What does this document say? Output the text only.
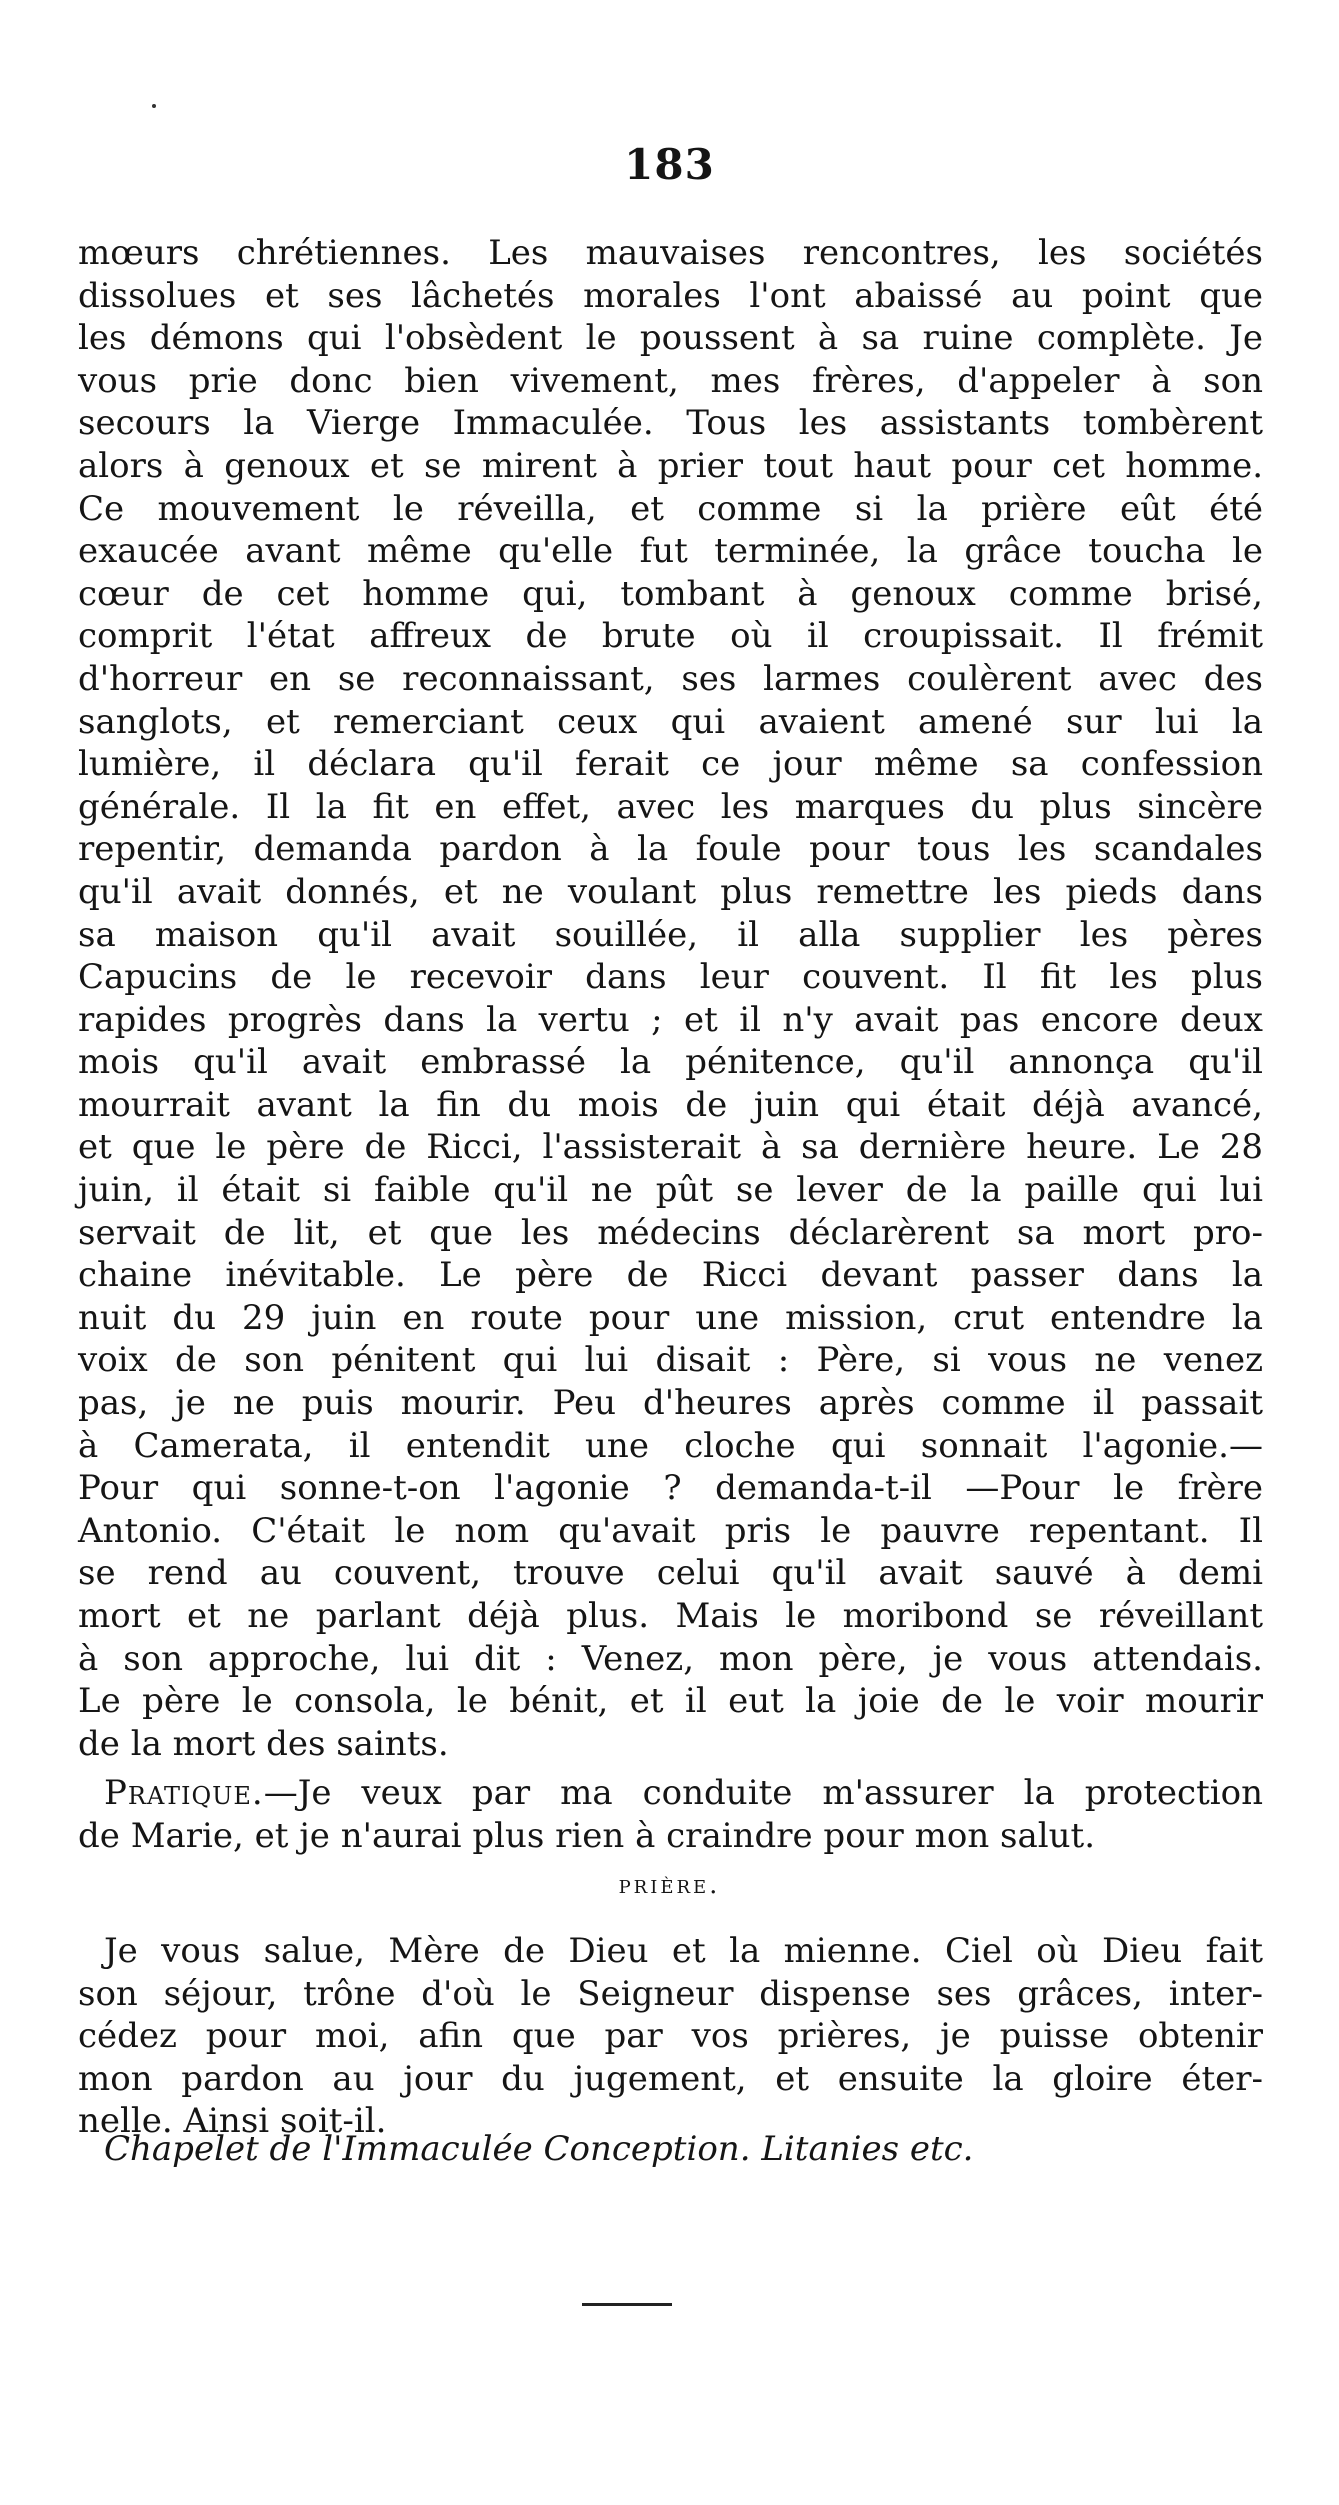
183
mœurs chrétiennes. Les mauvaises rencontres, les sociétés
dissolues et ses lâchetés morales l'ont abaissé au point que
les démons qui l'obsèdent le poussent à sa ruine complète. Je
vous prie donc bien vivement, mes frères, d'appeler à son
secours la Vierge Immaculée. Tous les assistants tombèrent
alors à genoux et se mirent à prier tout haut pour cet homme.
Ce mouvement le réveilla, et comme si la prière eût été
exaucée avant même qu'elle fut terminée, la grâce toucha le
cœur de cet homme qui, tombant à genoux comme brisé,
comprit l'état affreux de brute où il croupissait. Il frémit
d'horreur en se reconnaissant, ses larmes coulèrent avec des
sanglots, et remerciant ceux qui avaient amené sur lui la
lumière, il déclara qu'il ferait ce jour même sa confession
générale. Il la fit en effet, avec les marques du plus sincère
repentir, demanda pardon à la foule pour tous les scandales
qu'il avait donnés, et ne voulant plus remettre les pieds dans
sa maison qu'il avait souillée, il alla supplier les pères
Capucins de le recevoir dans leur couvent. Il fit les plus
rapides progrès dans la vertu ; et il n'y avait pas encore deux
mois qu'il avait embrassé la pénitence, qu'il annonça qu'il
mourrait avant la fin du mois de juin qui était déjà avancé,
et que le père de Ricci, l'assisterait à sa dernière heure. Le 28
juin, il était si faible qu'il ne pût se lever de la paille qui lui
servait de lit, et que les médecins déclarèrent sa mort pro-
chaine inévitable. Le père de Ricci devant passer dans la
nuit du 29 juin en route pour une mission, crut entendre la
voix de son pénitent qui lui disait : Père, si vous ne venez
pas, je ne puis mourir. Peu d'heures après comme il passait
à Camerata, il entendit une cloche qui sonnait l'agonie.—
Pour qui sonne-t-on l'agonie ? demanda-t-il —Pour le frère
Antonio. C'était le nom qu'avait pris le pauvre repentant. Il
se rend au couvent, trouve celui qu'il avait sauvé à demi
mort et ne parlant déjà plus. Mais le moribond se réveillant
à son approche, lui dit : Venez, mon père, je vous attendais.
Le père le consola, le bénit, et il eut la joie de le voir mourir
de la mort des saints.
Pratique.—Je veux par ma conduite m'assurer la protection
de Marie, et je n'aurai plus rien à craindre pour mon salut.
prière.
Je vous salue, Mère de Dieu et la mienne. Ciel où Dieu fait
son séjour, trône d'où le Seigneur dispense ses grâces, inter-
cédez pour moi, afin que par vos prières, je puisse obtenir
mon pardon au jour du jugement, et ensuite la gloire éter-
nelle. Ainsi soit-il.
Chapelet de l'Immaculée Conception. Litanies etc.
